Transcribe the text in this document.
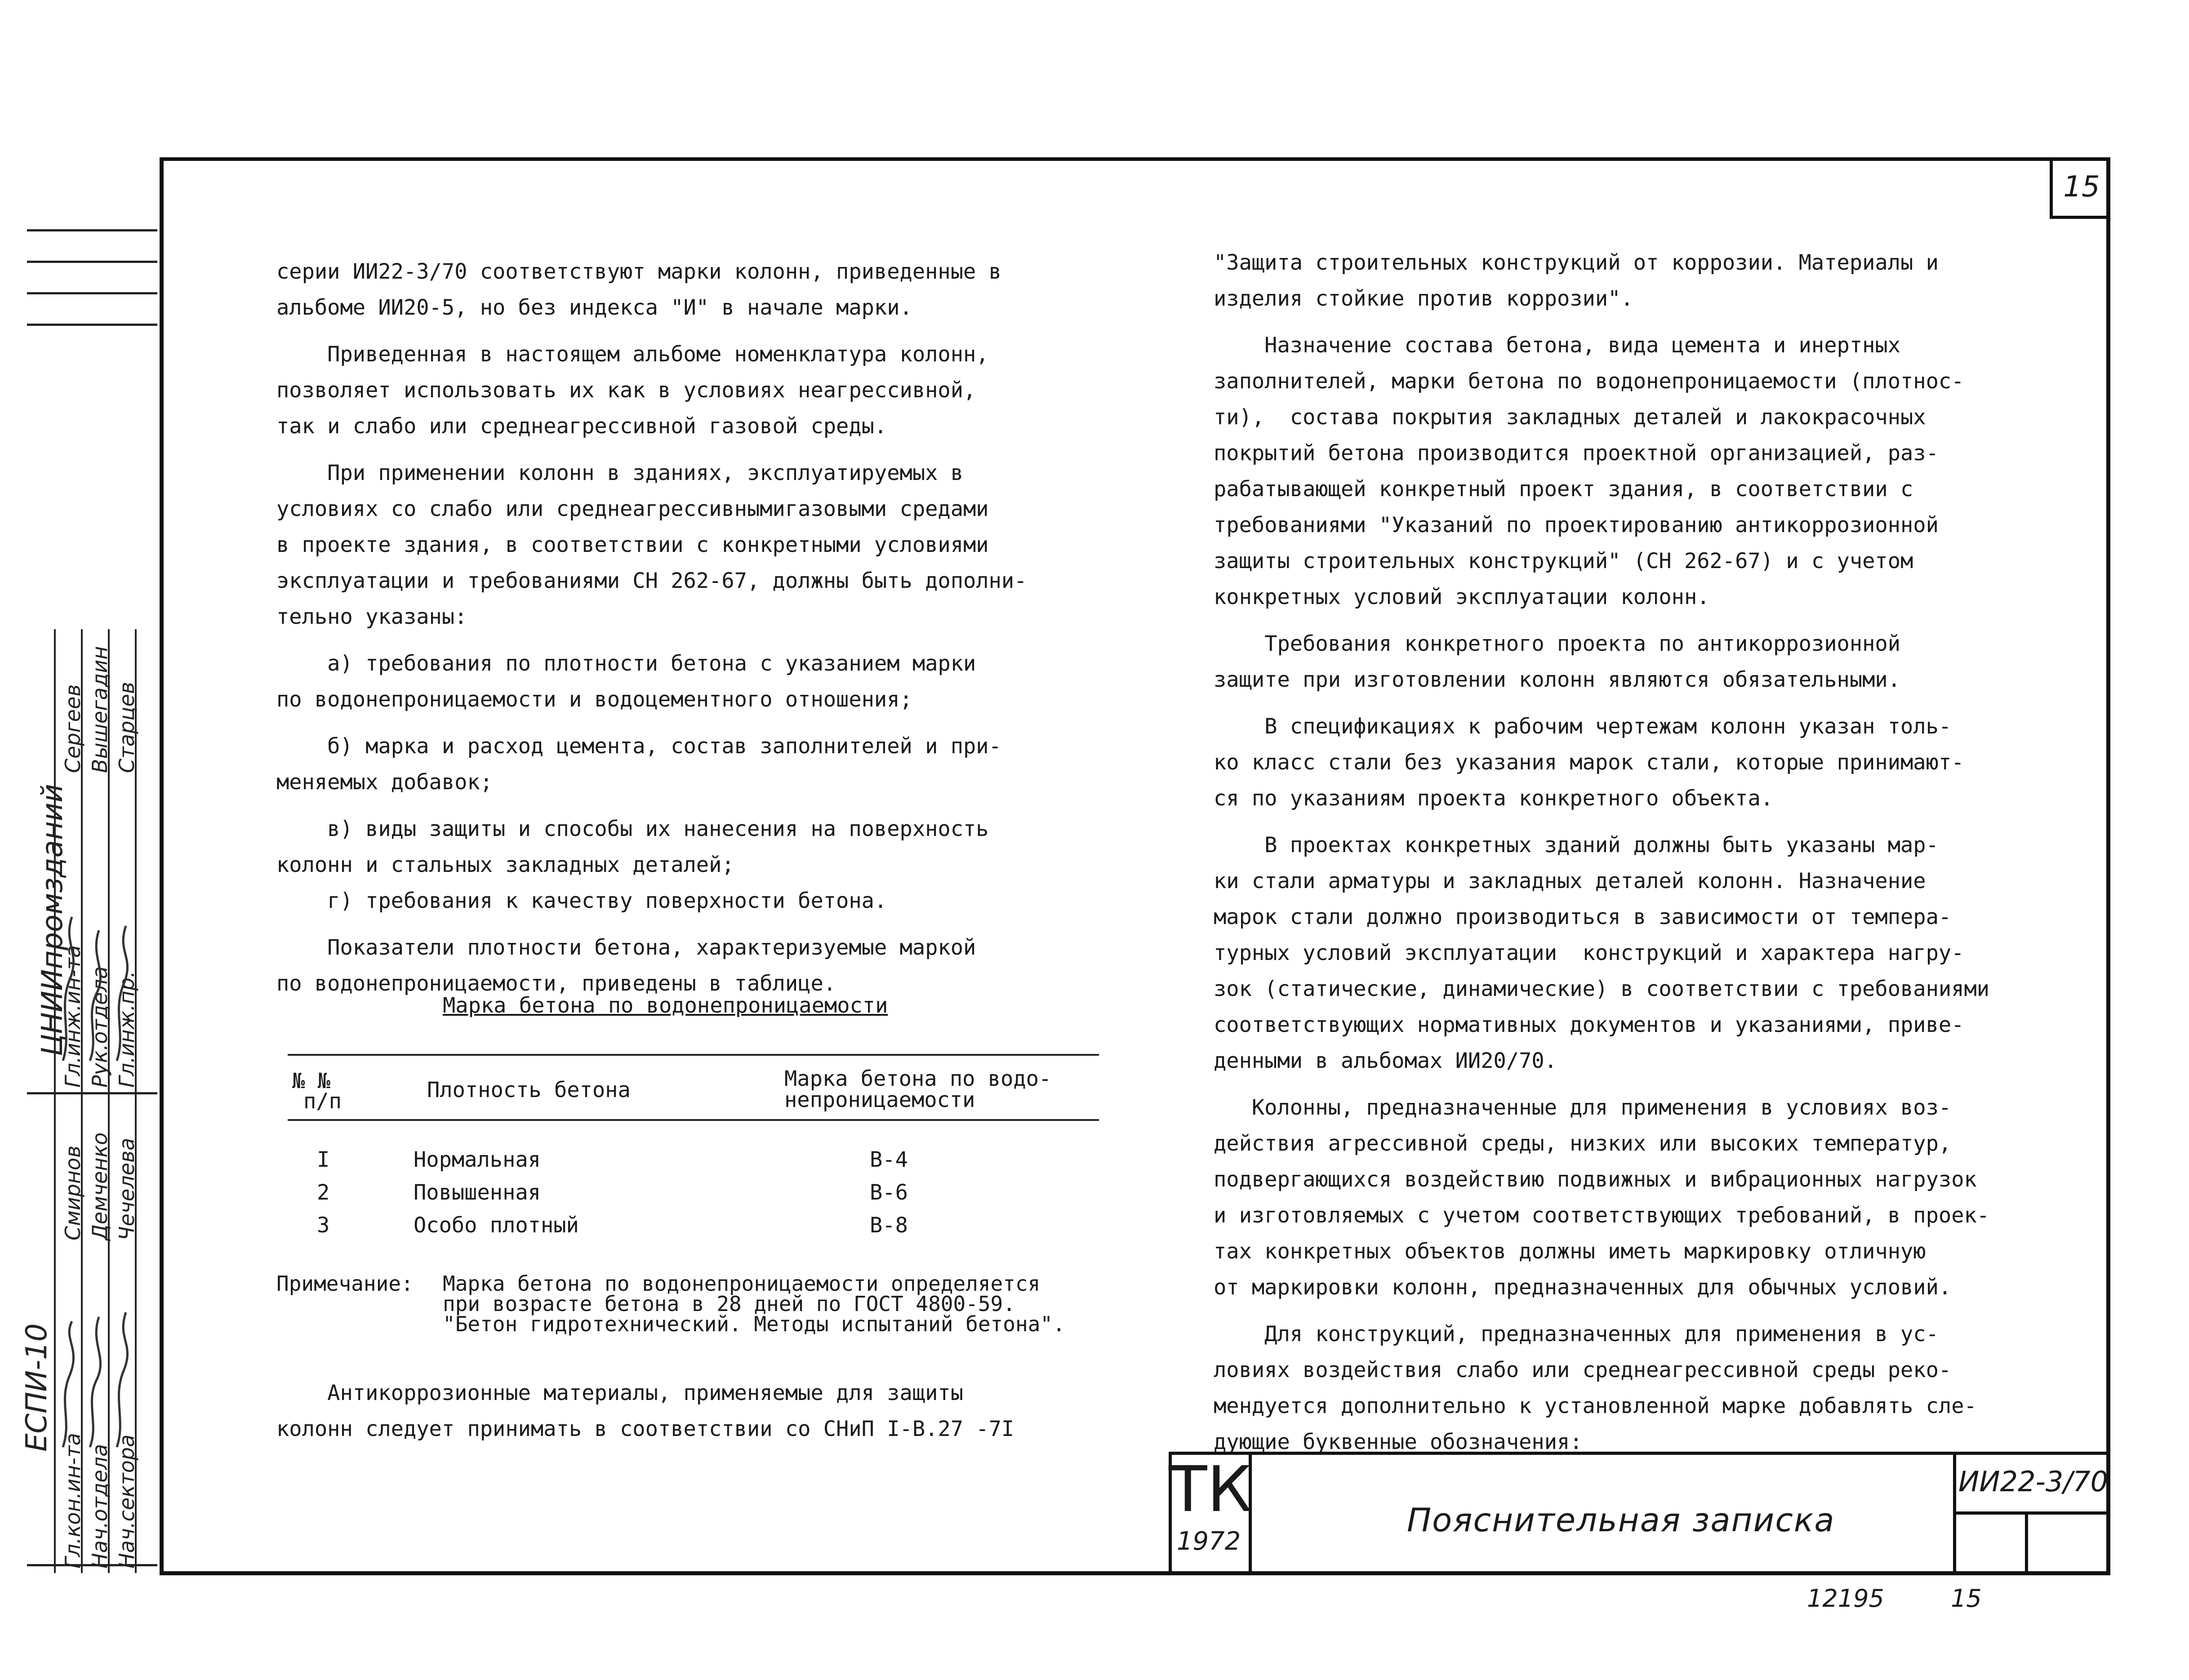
15
серии ИИ22-3/70 соответствуют марки колонн, приведенные в
альбоме ИИ20-5, но без индекса "И" в начале марки.
Приведенная в настоящем альбоме номенклатура колонн,
позволяет использовать их как в условиях неагрессивной,
так и слабо или среднеагрессивной газовой среды.
При применении колонн в зданиях, эксплуатируемых в
условиях со слабо или среднеагрессивнымигазовыми средами
в проекте здания, в соответствии с конкретными условиями
эксплуатации и требованиями СН 262-67, должны быть дополни-
тельно указаны:
а) требования по плотности бетона с указанием марки
по водонепроницаемости и водоцементного отношения;
б) марка и расход цемента, состав заполнителей и при-
меняемых добавок;
в) виды защиты и способы их нанесения на поверхность
колонн и стальных закладных деталей;
г) требования к качеству поверхности бетона.
Показатели плотности бетона, характеризуемые маркой
по водонепроницаемости, приведены в таблице.
Марка бетона по водонепроницаемости
№ №
п/п	Плотность бетона	Марка бетона по водо-
непроницаемости
I	Нормальная	В-4
2	Повышенная	В-6
3	Особо плотный	В-8
Примечание: Марка бетона по водонепроницаемости определяется
при возрасте бетона в 28 дней по ГОСТ 4800-59.
"Бетон гидротехнический. Методы испытаний бетона".
Антикоррозионные материалы, применяемые для защиты
колонн следует принимать в соответствии со СНиП I-В.27 -7I
"Защита строительных конструкций от коррозии. Материалы и
изделия стойкие против коррозии".
Назначение состава бетона, вида цемента и инертных
заполнителей, марки бетона по водонепроницаемости (плотнос-
ти),  состава покрытия закладных деталей и лакокрасочных
покрытий бетона производится проектной организацией, раз-
рабатывающей конкретный проект здания, в соответствии с
требованиями "Указаний по проектированию антикоррозионной
защиты строительных конструкций" (СН 262-67) и с учетом
конкретных условий эксплуатации колонн.
Требования конкретного проекта по антикоррозионной
защите при изготовлении колонн являются обязательными.
В спецификациях к рабочим чертежам колонн указан толь-
ко класс стали без указания марок стали, которые принимают-
ся по указаниям проекта конкретного объекта.
В проектах конкретных зданий должны быть указаны мар-
ки стали арматуры и закладных деталей колонн. Назначение
марок стали должно производиться в зависимости от темпера-
турных условий эксплуатации  конструкций и характера нагру-
зок (статические, динамические) в соответствии с требованиями
соответствующих нормативных документов и указаниями, приве-
денными в альбомах ИИ20/70.
Колонны, предназначенные для применения в условиях воз-
действия агрессивной среды, низких или высоких температур,
подвергающихся воздействию подвижных и вибрационных нагрузок
и изготовляемых с учетом соответствующих требований, в проек-
тах конкретных объектов должны иметь маркировку отличную
от маркировки колонн, предназначенных для обычных условий.
Для конструкций, предназначенных для применения в ус-
ловиях воздействия слабо или среднеагрессивной среды реко-
мендуется дополнительно к установленной марке добавлять сле-
дующие буквенные обозначения:
ТК
1972
Пояснительная записка
ИИ22-3/70
12195	15
ЦНИИпромзданий
ЕСПИ-10
Гл.кон.ин-та Нач.отдела Нач.сектора
Смирнов Демченко Чечелева
Гл.инж.ин-та Рук.отдела Гл.инж.пр.
Сергеев Вышегадин Старцев
